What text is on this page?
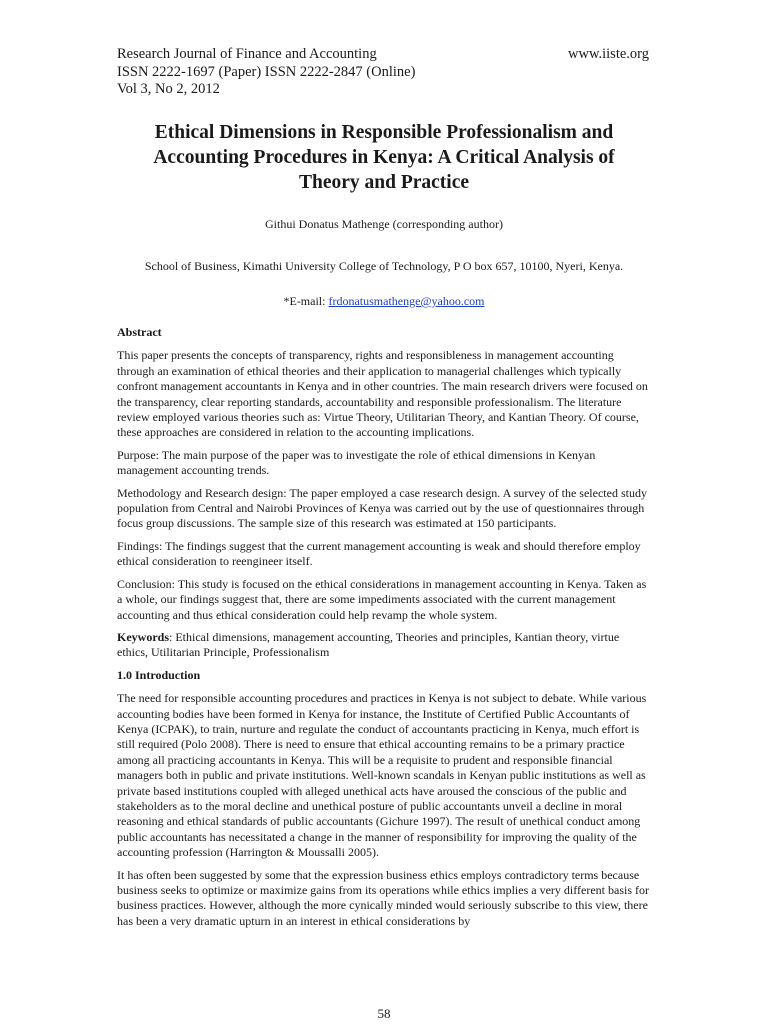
Research Journal of Finance and Accounting	www.iiste.org
ISSN 2222-1697 (Paper) ISSN 2222-2847 (Online)
Vol 3, No 2, 2012
Ethical Dimensions in Responsible Professionalism and
Accounting Procedures in Kenya: A Critical Analysis of
Theory and Practice
Githui Donatus Mathenge (corresponding author)
School of Business, Kimathi University College of Technology, P O box 657, 10100, Nyeri, Kenya.
*E-mail: frdonatusmathenge@yahoo.com
Abstract

This paper presents the concepts of transparency, rights and responsibleness in management accounting through an examination of ethical theories and their application to managerial challenges which typically confront management accountants in Kenya and in other countries. The main research drivers were focused on the transparency, clear reporting standards, accountability and responsible professionalism. The literature review employed various theories such as: Virtue Theory, Utilitarian Theory, and Kantian Theory. Of course, these approaches are considered in relation to the accounting implications.

Purpose: The main purpose of the paper was to investigate the role of ethical dimensions in Kenyan management accounting trends.

Methodology and Research design: The paper employed a case research design. A survey of the selected study population from Central and Nairobi Provinces of Kenya was carried out by the use of questionnaires through focus group discussions. The sample size of this research was estimated at 150 participants.

Findings: The findings suggest that the current management accounting is weak and should therefore employ ethical consideration to reengineer itself.

Conclusion: This study is focused on the ethical considerations in management accounting in Kenya. Taken as a whole, our findings suggest that, there are some impediments associated with the current management accounting and thus ethical consideration could help revamp the whole system.

Keywords: Ethical dimensions, management accounting, Theories and principles, Kantian theory, virtue ethics, Utilitarian Principle, Professionalism

1.0 Introduction

The need for responsible accounting procedures and practices in Kenya is not subject to debate. While various accounting bodies have been formed in Kenya for instance, the Institute of Certified Public Accountants of Kenya (ICPAK), to train, nurture and regulate the conduct of accountants practicing in Kenya, much effort is still required (Polo 2008). There is need to ensure that ethical accounting remains to be a primary practice among all practicing accountants in Kenya. This will be a requisite to prudent and responsible financial managers both in public and private institutions. Well-known scandals in Kenyan public institutions as well as private based institutions coupled with alleged unethical acts have aroused the conscious of the public and stakeholders as to the moral decline and unethical posture of public accountants unveil a decline in moral reasoning and ethical standards of public accountants (Gichure 1997). The result of unethical conduct among public accountants has necessitated a change in the manner of responsibility for improving the quality of the accounting profession (Harrington & Moussalli 2005).

It has often been suggested by some that the expression business ethics employs contradictory terms because business seeks to optimize or maximize gains from its operations while ethics implies a very different basis for business practices. However, although the more cynically minded would seriously subscribe to this view, there has been a very dramatic upturn in an interest in ethical considerations by

58
